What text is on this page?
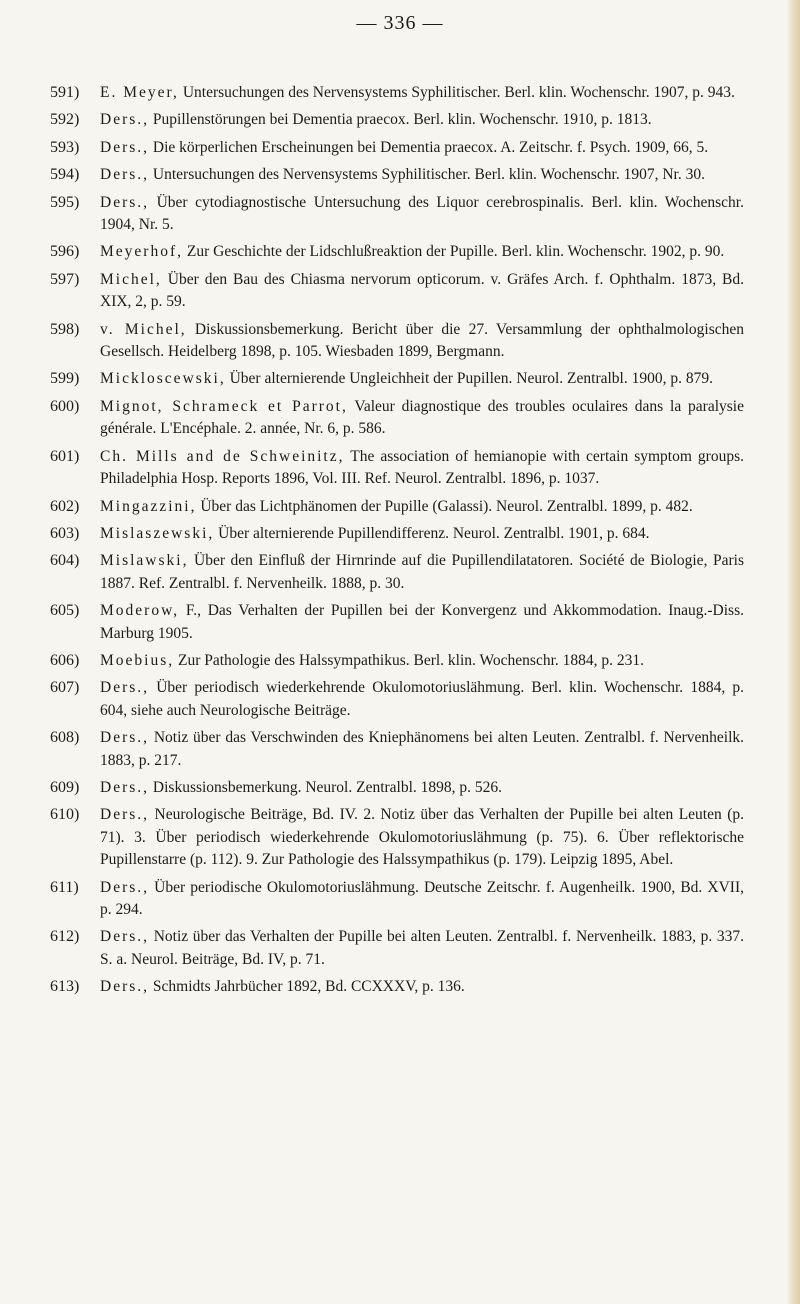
— 336 —
591) E. Meyer, Untersuchungen des Nervensystems Syphilitischer. Berl. klin. Wochenschr. 1907, p. 943.
592) Ders., Pupillenstörungen bei Dementia praecox. Berl. klin. Wochenschr. 1910, p. 1813.
593) Ders., Die körperlichen Erscheinungen bei Dementia praecox. A. Zeitschr. f. Psych. 1909, 66, 5.
594) Ders., Untersuchungen des Nervensystems Syphilitischer. Berl. klin. Wochenschr. 1907, Nr. 30.
595) Ders., Über cytodiagnostische Untersuchung des Liquor cerebrospinalis. Berl. klin. Wochenschr. 1904, Nr. 5.
596) Meyerhof, Zur Geschichte der Lidschlußreaktion der Pupille. Berl. klin. Wochenschr. 1902, p. 90.
597) Michel, Über den Bau des Chiasma nervorum opticorum. v. Gräfes Arch. f. Ophthalm. 1873, Bd. XIX, 2, p. 59.
598) v. Michel, Diskussionsbemerkung. Bericht über die 27. Versammlung der ophthalmologischen Gesellsch. Heidelberg 1898, p. 105. Wiesbaden 1899, Bergmann.
599) Mickloscewski, Über alternierende Ungleichheit der Pupillen. Neurol. Zentralbl. 1900, p. 879.
600) Mignot, Schrameck et Parrot, Valeur diagnostique des troubles oculaires dans la paralysie générale. L'Encéphale. 2. année, Nr. 6, p. 586.
601) Ch. Mills and de Schweinitz, The association of hemianopie with certain symptom groups. Philadelphia Hosp. Reports 1896, Vol. III. Ref. Neurol. Zentralbl. 1896, p. 1037.
602) Mingazzini, Über das Lichtphänomen der Pupille (Galassi). Neurol. Zentralbl. 1899, p. 482.
603) Mislaszewski, Über alternierende Pupillendifferenz. Neurol. Zentralbl. 1901, p. 684.
604) Mislawski, Über den Einfluß der Hirnrinde auf die Pupillendilatatoren. Société de Biologie, Paris 1887. Ref. Zentralbl. f. Nervenheilk. 1888, p. 30.
605) Moderow, F., Das Verhalten der Pupillen bei der Konvergenz und Akkommodation. Inaug.-Diss. Marburg 1905.
606) Moebius, Zur Pathologie des Halssympathikus. Berl. klin. Wochenschr. 1884, p. 231.
607) Ders., Über periodisch wiederkehrende Okulomotoriuslähmung. Berl. klin. Wochenschr. 1884, p. 604, siehe auch Neurologische Beiträge.
608) Ders., Notiz über das Verschwinden des Kniephänomens bei alten Leuten. Zentralbl. f. Nervenheilk. 1883, p. 217.
609) Ders., Diskussionsbemerkung. Neurol. Zentralbl. 1898, p. 526.
610) Ders., Neurologische Beiträge, Bd. IV. 2. Notiz über das Verhalten der Pupille bei alten Leuten (p. 71). 3. Über periodisch wiederkehrende Okulomotoriuslähmung (p. 75). 6. Über reflektorische Pupillenstarre (p. 112). 9. Zur Pathologie des Halssympathikus (p. 179). Leipzig 1895, Abel.
611) Ders., Über periodische Okulomotoriuslähmung. Deutsche Zeitschr. f. Augenheilk. 1900, Bd. XVII, p. 294.
612) Ders., Notiz über das Verhalten der Pupille bei alten Leuten. Zentralbl. f. Nervenheilk. 1883, p. 337. S. a. Neurol. Beiträge, Bd. IV, p. 71.
613) Ders., Schmidts Jahrbücher 1892, Bd. CCXXXV, p. 136.
